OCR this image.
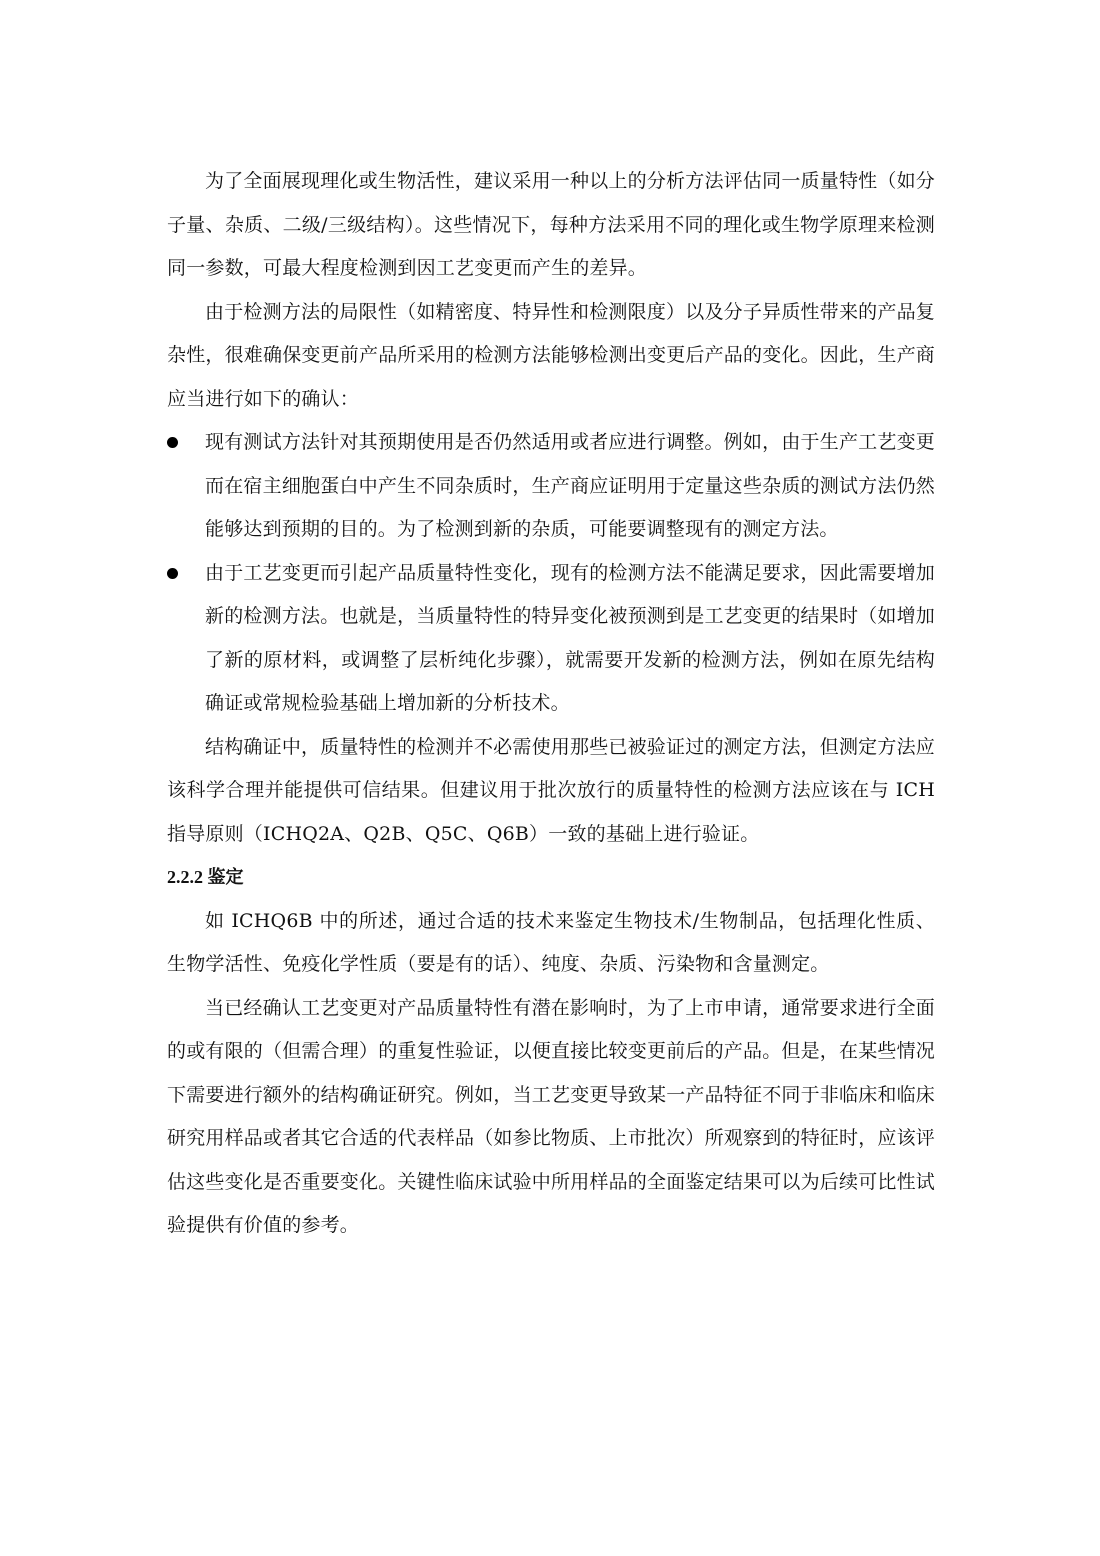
为了全面展现理化或生物活性，建议采用一种以上的分析方法评估同一质量特性（如分子量、杂质、二级/三级结构）。这些情况下，每种方法采用不同的理化或生物学原理来检测同一参数，可最大程度检测到因工艺变更而产生的差异。

由于检测方法的局限性（如精密度、特异性和检测限度）以及分子异质性带来的产品复杂性，很难确保变更前产品所采用的检测方法能够检测出变更后产品的变化。因此，生产商应当进行如下的确认：

现有测试方法针对其预期使用是否仍然适用或者应进行调整。例如，由于生产工艺变更而在宿主细胞蛋白中产生不同杂质时，生产商应证明用于定量这些杂质的测试方法仍然能够达到预期的目的。为了检测到新的杂质，可能要调整现有的测定方法。
由于工艺变更而引起产品质量特性变化，现有的检测方法不能满足要求，因此需要增加新的检测方法。也就是，当质量特性的特异变化被预测到是工艺变更的结果时（如增加了新的原材料，或调整了层析纯化步骤），就需要开发新的检测方法，例如在原先结构确证或常规检验基础上增加新的分析技术。

结构确证中，质量特性的检测并不必需使用那些已被验证过的测定方法，但测定方法应该科学合理并能提供可信结果。但建议用于批次放行的质量特性的检测方法应该在与 ICH 指导原则（ICHQ2A、Q2B、Q5C、Q6B）一致的基础上进行验证。

2.2.2 鉴定

如 ICHQ6B 中的所述，通过合适的技术来鉴定生物技术/生物制品，包括理化性质、生物学活性、免疫化学性质（要是有的话）、纯度、杂质、污染物和含量测定。

当已经确认工艺变更对产品质量特性有潜在影响时，为了上市申请，通常要求进行全面的或有限的（但需合理）的重复性验证，以便直接比较变更前后的产品。但是，在某些情况下需要进行额外的结构确证研究。例如，当工艺变更导致某一产品特征不同于非临床和临床研究用样品或者其它合适的代表样品（如参比物质、上市批次）所观察到的特征时，应该评估这些变化是否重要变化。关键性临床试验中所用样品的全面鉴定结果可以为后续可比性试验提供有价值的参考。
